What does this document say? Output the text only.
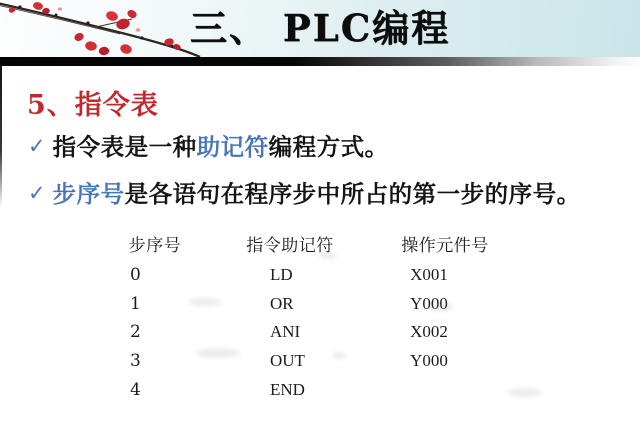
三、 PLC编程
5、指令表
✓ 指令表是一种助记符编程方式。
✓ 步序号是各语句在程序步中所占的第一步的序号。
步序号	指令助记符	操作元件号
0	LD	X001
1	OR	Y000
2	ANI	X002
3	OUT	Y000
4	END
